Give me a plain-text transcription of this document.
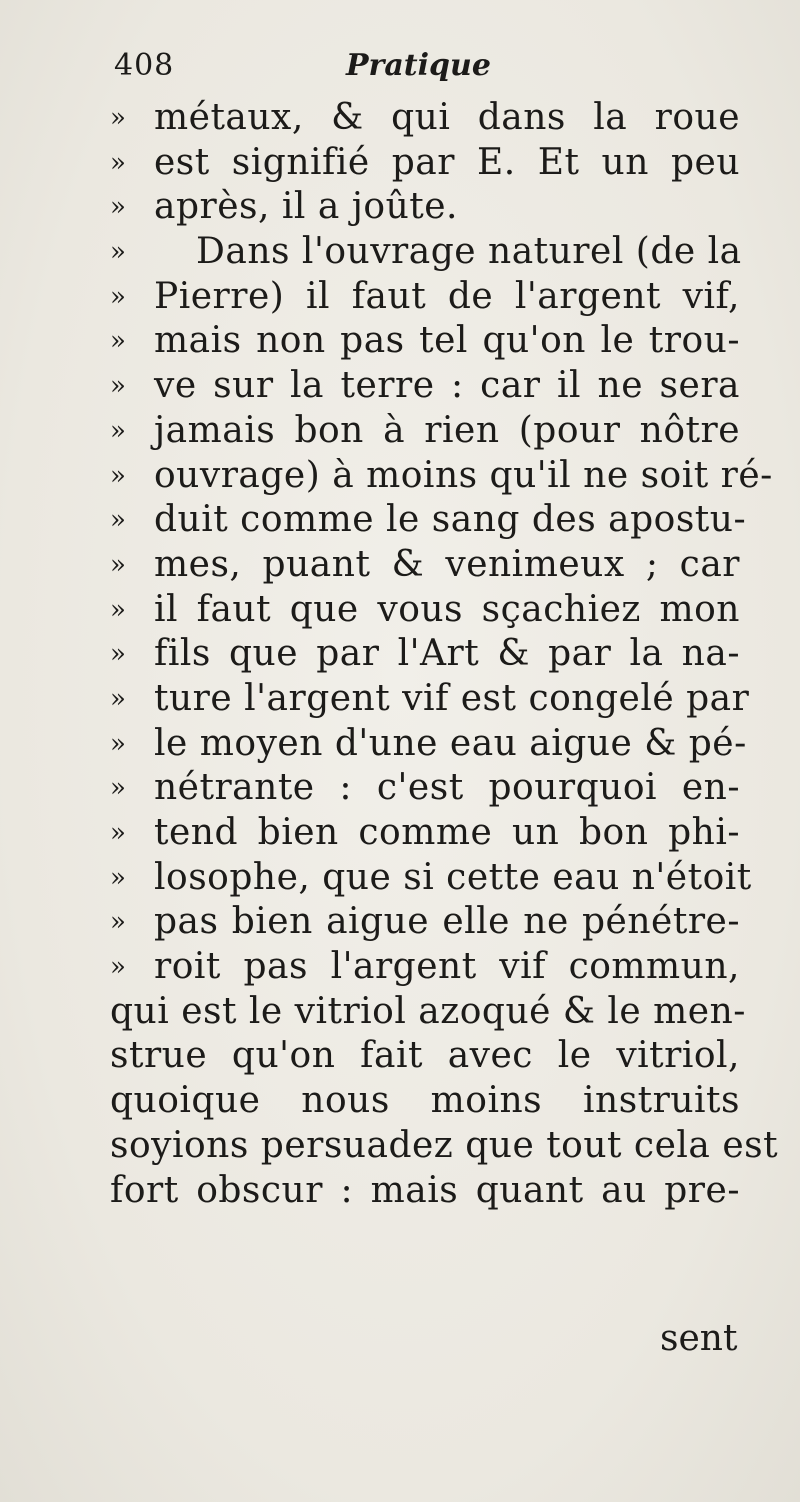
408	Pratique
» métaux, & qui dans la roue
» est signifié par E. Et un peu
» après, il a joûte.
» Dans l'ouvrage naturel (de la
» Pierre) il faut de l'argent vif,
» mais non pas tel qu'on le trou-
» ve sur la terre : car il ne sera
» jamais bon à rien (pour nôtre
» ouvrage) à moins qu'il ne soit ré-
» duit comme le sang des apostu-
» mes, puant & venimeux ; car
» il faut que vous sçachiez mon
» fils que par l'Art & par la na-
» ture l'argent vif est congelé par
» le moyen d'une eau aigue & pé-
» nétrante : c'est pourquoi en-
» tend bien comme un bon phi-
» losophe, que si cette eau n'étoit
» pas bien aigue elle ne pénétre-
» roit pas l'argent vif commun,
qui est le vitriol azoqué & le men-
strue qu'on fait avec le vitriol,
quoique nous moins instruits
soyions persuadez que tout cela est
fort obscur : mais quant au pre-
sent
